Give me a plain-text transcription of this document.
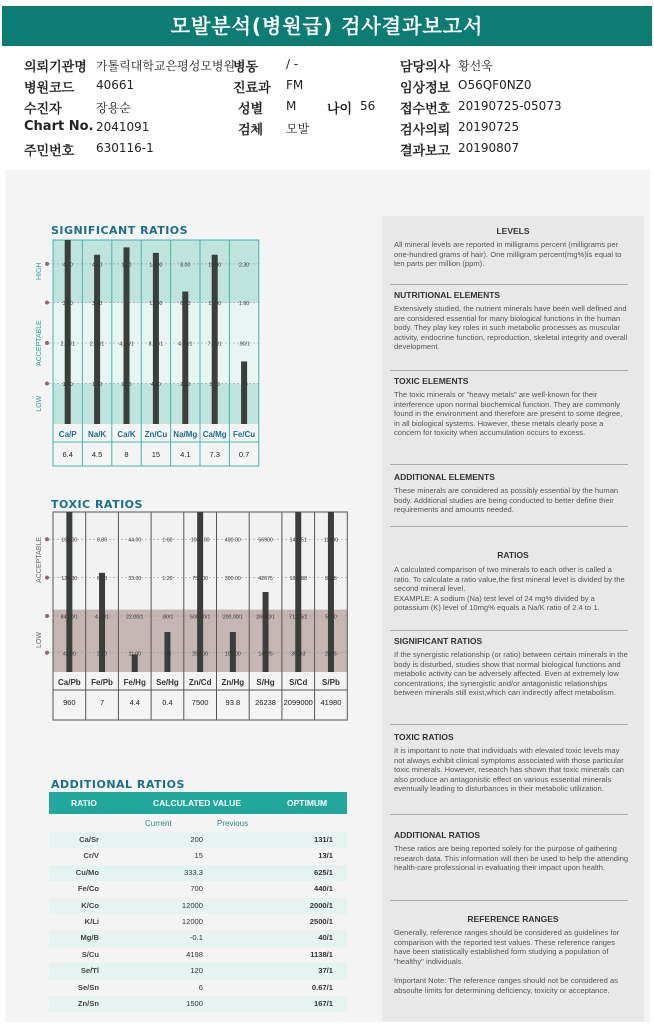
모발분석(병원급) 검사결과보고서
의뢰기관명 가톨릭대학교은평성모병원
병동 / -	담당의사 황선욱
병원코드 40661	진료과 FM	임상정보 O56QF0NZ0
수진자	장용순	성별 M 나이 56 접수번호 20190725-05073
Chart No. 2041091	검체 모발	검사의뢰 20190725
주민번호 630116-1	결과보고 20190807
SIGNIFICANT RATIOS
HIGH
ACCEPTABLE
LOW
4.00
3.50
2.50/1
1.50
Ca/P
6.4
4.00
3.40
2.40/1
1.40
Na/K
4.5
1.00
4.20/1
2.50
Ca/K
8
14.00
12.00
8.00/1
4.00
Zn/Cu
15
8.00
6.00
4.00/1
2.00
Na/Mg
4.1
15.00
11.00
7.00/1
3.00
Ca/Mg
7.3
2.30
1.60
.90/1
.20
Fe/Cu
0.7
TOXIC RATIOS
ACCEPTABLE
LOW
168.00
126.00
84.00/1
42.00
Ca/Pb
960
8.80
6.60
4.40/1
2.20
Fe/Pb
7
44.00
33.00
22.00/1
11.00
Fe/Hg
4.4
1.60
1.20
.80/1
.40
Se/Hg
0.4
1000.00
750.00
500.00/1
250.00
Zn/Cd
7500
400.00
300.00
200.00/1
100.00
Zn/Hg
93.8
56900
42675
28450/1
14225
S/Hg
26238
142251
106688
71125/2
35563
S/Cd
2099000
11200
8538
5690
2845
S/Pb
41980
ADDITIONAL RATIOS
RATIO	CALCULATED VALUE	OPTIMUM
Current	Previous
Ca/Sr	200	131/1
Cr/V	15	13/1
Cu/Mo	333.3	625/1
Fe/Co	700	440/1
K/Co	12000	2000/1
K/Li	12000	2500/1
Mg/B	-0.1	40/1
S/Cu	4198	1138/1
Se/Tl	120	37/1
Se/Sn	6	0.67/1
Zn/Sn	1500	167/1
LEVELS
All mineral levels are reported in milligrams percent (milligrams per one-hundred grams of hair). One milligram percent(mg%)is equal to ten parts per million (ppm).
NUTRITIONAL ELEMENTS
Extensively studied, the nutrient minerals have been well defined and are considered essential for many biological functions in the human body. They play key roles in such metabolic processes as muscular activity, endocrine function, reproduction, skeletal integrity and overall development.
TOXIC ELEMENTS
The toxic minerals or "heavy metals" are well-known for their interference upon normal biochemical function. They are commonly found in the environment and therefore are present to some degree, in all biological systems. However, these metals clearly pose a concern for toxicity when accumulation occurs to excess.
ADDITIONAL ELEMENTS
These minerals are considered as possibly essential by the human body. Additional studies are being conducted to better define their requirements and amounts needed.
RATIOS
A calculated comparison of two minerals to each other is called a ratio. To calculate a ratio value,the first mineral level is divided by the second mineral level.
EXAMPLE: A sodium (Na) test level of 24 mg% divided by a potassium (K) level of 10mg% equals a Na/K ratio of 2.4 to 1.
SIGNIFICANT RATIOS
If the synergistic relationship (or ratio) between certain minerals in the body is disturbed, studies show that normal biological functions and metabolic activity can be adversely affected. Even at extremely low concentrations, the synergistic and/or antagonistic relationships between minerals still exist,which can indirectly affect metabolism.
TOXIC RATIOS
It is important to note that individuals with elevated toxic levels may not always exhibit clinical symptoms associated with those particular toxic minerals. However, research has shown that toxic minerals can also produce an antagonistic effect on various essential minerals eventually leading to disturbances in their metabolic utilization.
ADDITIONAL RATIOS
These ratios are being reported solely for the purpose of gathering research data. This information will then be used to help the attending health-care professional in evaluating their impact upon health.
REFERENCE RANGES
Generally, reference ranges should be considered as guidelines for comparison with the reported test values. These reference ranges have been statistically established form studying a population of "healthy" individuals.

Important Note: The reference ranges should not be considered as absoulte limits for determining deficiency, toxicity or acceptance.
